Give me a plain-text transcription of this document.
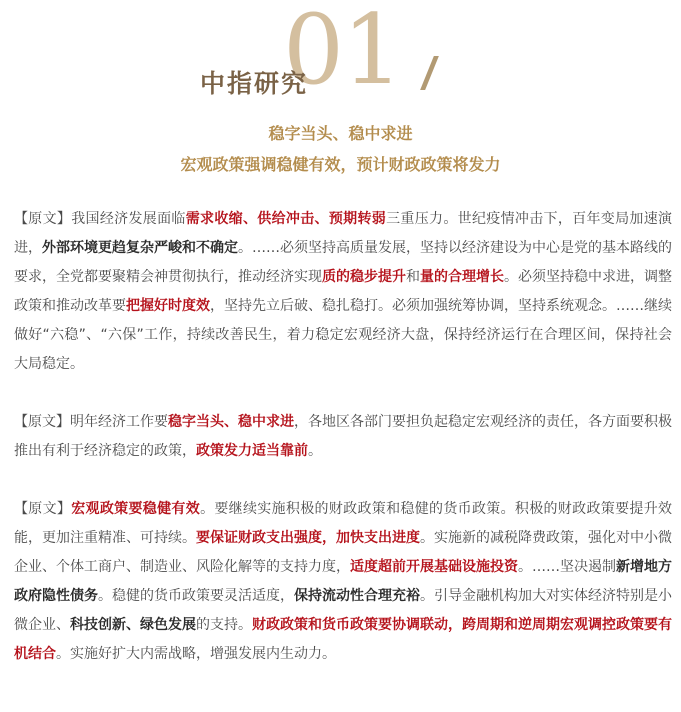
01
中指研究
稳字当头、稳中求进
宏观政策强调稳健有效，预计财政政策将发力

【原文】我国经济发展面临需求收缩、供给冲击、预期转弱三重压力。世纪疫情冲击下，百年变局加速演进，外部环境更趋复杂严峻和不确定。……必须坚持高质量发展，坚持以经济建设为中心是党的基本路线的要求，全党都要聚精会神贯彻执行，推动经济实现质的稳步提升和量的合理增长。必须坚持稳中求进，调整政策和推动改革要把握好时度效，坚持先立后破、稳扎稳打。必须加强统筹协调，坚持系统观念。……继续做好“六稳”、“六保”工作，持续改善民生，着力稳定宏观经济大盘，保持经济运行在合理区间，保持社会大局稳定。

【原文】明年经济工作要稳字当头、稳中求进，各地区各部门要担负起稳定宏观经济的责任，各方面要积极推出有利于经济稳定的政策，政策发力适当靠前。

【原文】宏观政策要稳健有效。要继续实施积极的财政政策和稳健的货币政策。积极的财政政策要提升效能，更加注重精准、可持续。要保证财政支出强度，加快支出进度。实施新的减税降费政策，强化对中小微企业、个体工商户、制造业、风险化解等的支持力度，适度超前开展基础设施投资。……坚决遏制新增地方政府隐性债务。稳健的货币政策要灵活适度，保持流动性合理充裕。引导金融机构加大对实体经济特别是小微企业、科技创新、绿色发展的支持。财政政策和货币政策要协调联动，跨周期和逆周期宏观调控政策要有机结合。实施好扩大内需战略，增强发展内生动力。
